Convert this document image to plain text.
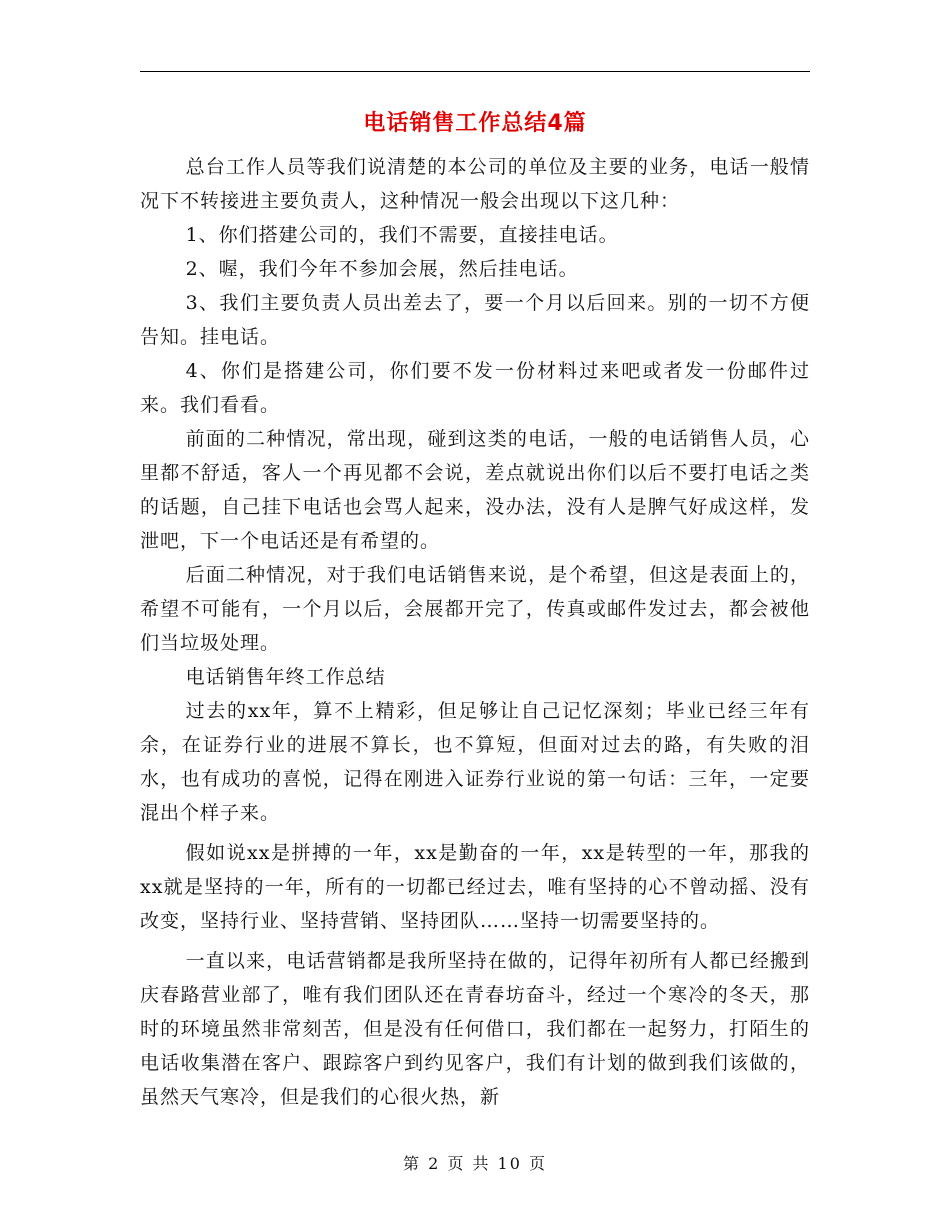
电话销售工作总结4篇

总台工作人员等我们说清楚的本公司的单位及主要的业务，电话一般情况下不转接进主要负责人，这种情况一般会出现以下这几种：

1、你们搭建公司的，我们不需要，直接挂电话。

2、喔，我们今年不参加会展，然后挂电话。

3、我们主要负责人员出差去了，要一个月以后回来。别的一切不方便告知。挂电话。

4、你们是搭建公司，你们要不发一份材料过来吧或者发一份邮件过来。我们看看。

前面的二种情况，常出现，碰到这类的电话，一般的电话销售人员，心里都不舒适，客人一个再见都不会说，差点就说出你们以后不要打电话之类的话题，自己挂下电话也会骂人起来，没办法，没有人是脾气好成这样，发泄吧，下一个电话还是有希望的。

后面二种情况，对于我们电话销售来说，是个希望，但这是表面上的，希望不可能有，一个月以后，会展都开完了，传真或邮件发过去，都会被他们当垃圾处理。

电话销售年终工作总结

过去的xx年，算不上精彩，但足够让自己记忆深刻；毕业已经三年有余，在证券行业的进展不算长，也不算短，但面对过去的路，有失败的泪水，也有成功的喜悦，记得在刚进入证券行业说的第一句话：三年，一定要混出个样子来。

假如说xx是拼搏的一年，xx是勤奋的一年，xx是转型的一年，那我的xx就是坚持的一年，所有的一切都已经过去，唯有坚持的心不曾动摇、没有改变，坚持行业、坚持营销、坚持团队……坚持一切需要坚持的。

一直以来，电话营销都是我所坚持在做的，记得年初所有人都已经搬到庆春路营业部了，唯有我们团队还在青春坊奋斗，经过一个寒冷的冬天，那时的环境虽然非常刻苦，但是没有任何借口，我们都在一起努力，打陌生的电话收集潜在客户、跟踪客户到约见客户，我们有计划的做到我们该做的，虽然天气寒冷，但是我们的心很火热，新

第 2 页 共 10 页
